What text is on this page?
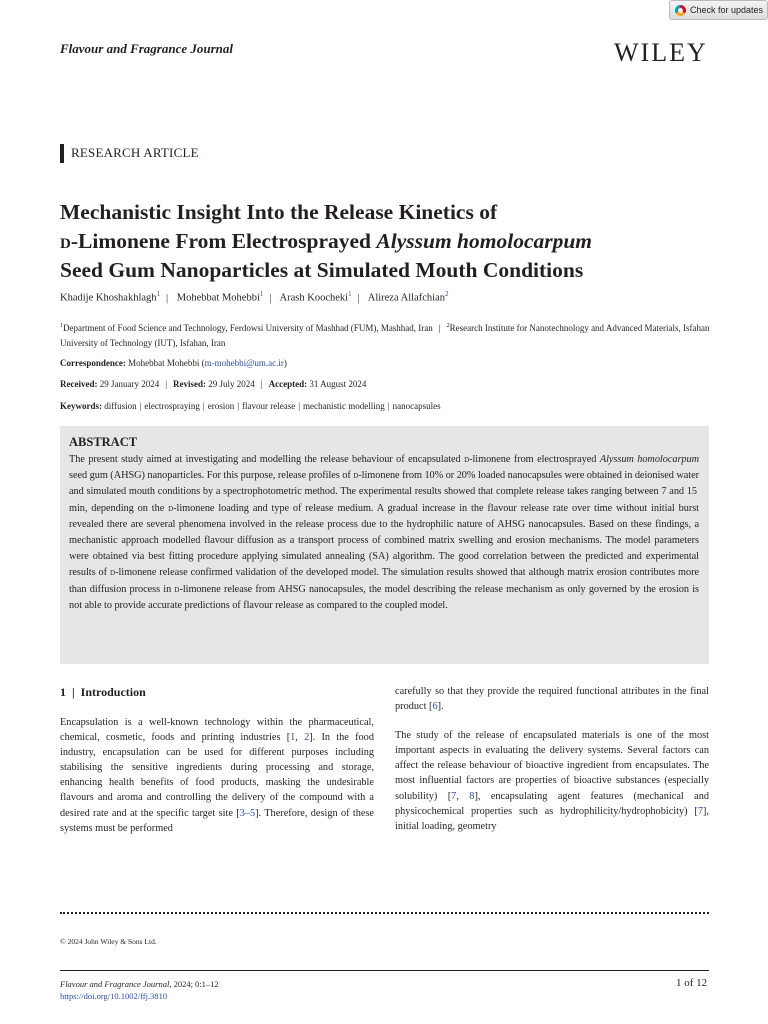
Check for updates
Flavour and Fragrance Journal	WILEY
RESEARCH ARTICLE
Mechanistic Insight Into the Release Kinetics of
d-Limonene From Electrosprayed Alyssum homolocarpum
Seed Gum Nanoparticles at Simulated Mouth Conditions
Khadije Khoshakhlagh$^1$ | Mohebbat Mohebbi$^1$ | Arash Koocheki$^1$ | Alireza Allafchian$^2$
$^1$Department of Food Science and Technology, Ferdowsi University of Mashhad (FUM), Mashhad, Iran | $^2$Research Institute for Nanotechnology and Advanced Materials, Isfahan University of Technology (IUT), Isfahan, Iran
Correspondence: Mohebbat Mohebbi (m-mohebbi@um.ac.ir)
Received: 29 January 2024 | Revised: 29 July 2024 | Accepted: 31 August 2024
Keywords: diffusion | electrospraying | erosion | flavour release | mechanistic modelling | nanocapsules
ABSTRACT
The present study aimed at investigating and modelling the release behaviour of encapsulated d-limonene from electrosprayed Alyssum homolocarpum seed gum (AHSG) nanoparticles. For this purpose, release profiles of d-limonene from 10% or 20% loaded nanocapsules were obtained in deionised water and simulated mouth conditions by a spectrophotometric method. The experimental results showed that complete release takes ranging between 7 and 15 min, depending on the d-limonene loading and type of release medium. A gradual increase in the flavour release rate over time without initial burst revealed there are several phenomena involved in the release process due to the hydrophilic nature of AHSG nanocapsules. Based on these findings, a mechanistic approach modelled flavour diffusion as a transport process of combined matrix swelling and erosion mechanisms. The model parameters were obtained via best fitting procedure applying simulated annealing (SA) algorithm. The good correlation between the predicted and experimental results of d-limonene release confirmed validation of the developed model. The simulation results showed that although matrix erosion contributes more than diffusion process in d-limonene release from AHSG nanocapsules, the model describing the release mechanism as only governed by the erosion is not able to provide accurate predictions of flavour release as compared to the coupled model.
1  |  Introduction

Encapsulation is a well-known technology within the pharmaceutical, chemical, cosmetic, foods and printing industries [1, 2]. In the food industry, encapsulation can be used for different purposes including stabilising the sensitive ingredients during processing and storage, enhancing health benefits of food products, masking the undesirable flavours and aroma and controlling the delivery of the compound with a desired rate and at the specific target site [3–5]. Therefore, design of these systems must be performed

carefully so that they provide the required functional attributes in the final product [6].

The study of the release of encapsulated materials is one of the most important aspects in evaluating the delivery systems. Several factors can affect the release behaviour of bioactive ingredient from encapsulates. The most influential factors are properties of bioactive substances (especially solubility) [7, 8], encapsulating agent features (mechanical and physicochemical properties such as hydrophilicity/hydrophobicity) [7], initial loading, geometry

© 2024 John Wiley & Sons Ltd.
Flavour and Fragrance Journal, 2024; 0:1–12
https://doi.org/10.1002/ffj.3810
1 of 12
